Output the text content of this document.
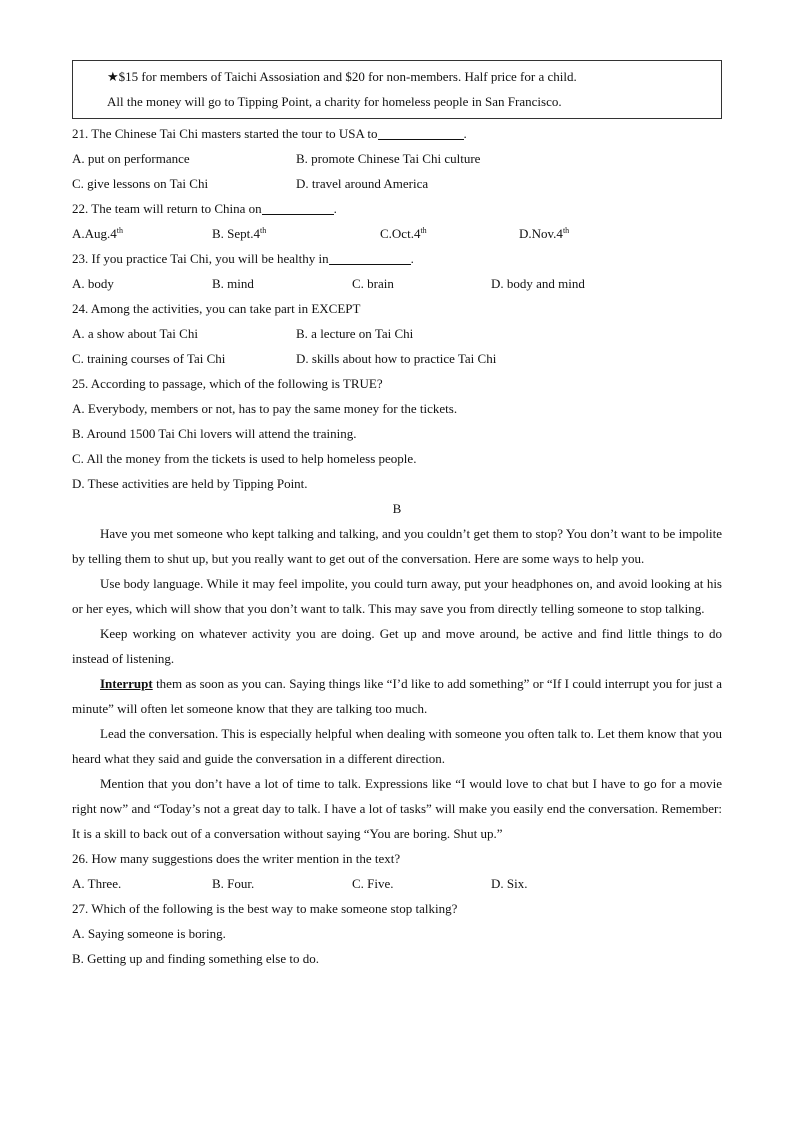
★$15 for members of Taichi Assosiation and $20 for non-members. Half price for a child.
All the money will go to Tipping Point, a charity for homeless people in San Francisco.
21. The Chinese Tai Chi masters started the tour to USA to	.
A. put on performance	B. promote Chinese Tai Chi culture
C. give lessons on Tai Chi	D. travel around America
22. The team will return to China on	.
A.Aug.4th	B. Sept.4th	C.Oct.4th	D.Nov.4th
23. If you practice Tai Chi, you will be healthy in	.
A. body	B. mind	C. brain	D. body and mind
24. Among the activities, you can take part in EXCEPT
A. a show about Tai Chi	B. a lecture on Tai Chi
C. training courses of Tai Chi	D. skills about how to practice Tai Chi
25. According to passage, which of the following is TRUE?
A. Everybody, members or not, has to pay the same money for the tickets.
B. Around 1500 Tai Chi lovers will attend the training.
C. All the money from the tickets is used to help homeless people.
D. These activities are held by Tipping Point.
B

Have you met someone who kept talking and talking, and you couldn’t get them to stop? You don’t want to be impolite by telling them to shut up, but you really want to get out of the conversation. Here are some ways to help you.

Use body language. While it may feel impolite, you could turn away, put your headphones on, and avoid looking at his or her eyes, which will show that you don’t want to talk. This may save you from directly telling someone to stop talking.

Keep working on whatever activity you are doing. Get up and move around, be active and find little things to do instead of listening.

Interrupt them as soon as you can. Saying things like “I’d like to add something” or “If I could interrupt you for just a minute” will often let someone know that they are talking too much.

Lead the conversation. This is especially helpful when dealing with someone you often talk to. Let them know that you heard what they said and guide the conversation in a different direction.

Mention that you don’t have a lot of time to talk. Expressions like “I would love to chat but I have to go for a movie right now” and “Today’s not a great day to talk. I have a lot of tasks” will make you easily end the conversation. Remember: It is a skill to back out of a conversation without saying “You are boring. Shut up.”

26. How many suggestions does the writer mention in the text?
A. Three.	B. Four.	C. Five.	D. Six.
27. Which of the following is the best way to make someone stop talking?
A. Saying someone is boring.
B. Getting up and finding something else to do.
